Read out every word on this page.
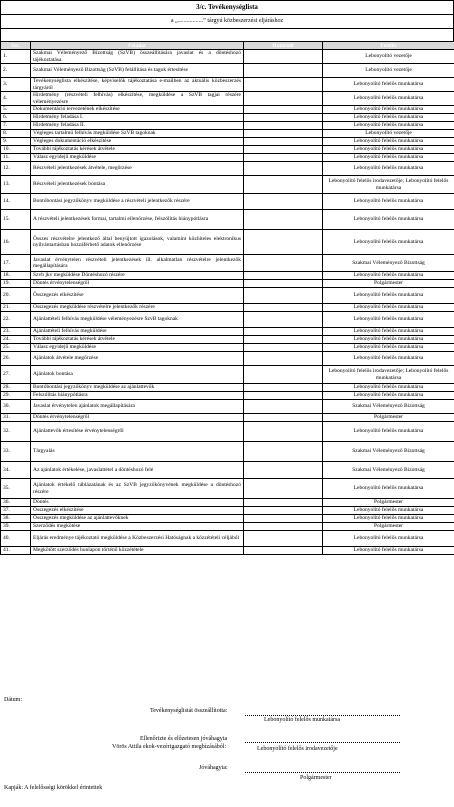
3/c. Tevékenységlista
a „.................” tárgyú közbeszerzési eljáráshoz
Ssz.	Feladat	Határidő	Felelős
1.	Szakmai Véleményező Bizottság (SzVB) összeállítására javaslat és a döntéshozó tájékoztatása		Lebonyolító vezetője
2.	Szakmai Véleményező Bizottság (SzVB) felállítása és tagok értesítése		Lebonyolító vezetője
3.	Tevékenységlista elkészítése, képviselők tájékoztatása e-mailben az aktuális közbeszerzés tárgyáról		Lebonyolító felelős munkatársa
4.	Hirdetmény (részvételi felhívás) elkészítése, megküldése a SzVB tagjai részére véleményezésre		Lebonyolító felelős munkatársa
5.	Dokumentáció tervezetének elkészítése		Lebonyolító felelős munkatársa
6.	Hirdetmény feladása I.		Lebonyolító felelős munkatársa
7.	Hirdetmény feladása II.		Lebonyolító felelős munkatársa
8.	Végleges tartalmú felhívás megküldése SzVB tagoknak		Lebonyolító vezetője
9.	Végleges dokumentáció elkészítése		Lebonyolító felelős munkatársa
10.	További tájékoztatás kérések átvétele		Lebonyolító felelős munkatársa
11.	Válasz egyidejű megküldése		Lebonyolító felelős munkatársa
12.	Részvételi jelentkezések átvétele, megőrzése		Lebonyolító felelős munkatársa
13.	Részvételi jelentkezések bontása		Lebonyolító felelős irodavezetője; Lebonyolító felelős munkatársa
14.	Bontóbontási jegyzőkönyv megküldése a részvételi jelentkezők részére		Lebonyolító felelős munkatársa
15.	A részvételi jelentkezések formai, tartalmi ellenőrzése, felszólítás hiánypótlásra		Lebonyolító felelős munkatársa
16.	Összes részvételre jelentkező által benyújtott igazolások, valamint közhiteles elektronikus nyilvántartásban hozzáférhető adatok ellenőrzése		Lebonyolító felelős munkatársa
17.	Javaslat érvénytelen részvételi jelentkezések ill. alkalmatlan részvételre jelentkezők megállapítására		Szakmai Véleményező Bizottság
18.	Szvb jkv megküldése Döntéshozó részére		Lebonyolító felelős munkatársa
19.	Döntés érvénytelenségről		Polgármester
20.	Összegezés elkészítése		Lebonyolító felelős munkatársa
21.	Összegezés megküldése részvételre jelentkezők részére		Lebonyolító felelős munkatársa
22.	Ajánlattételi felhívás megküldése véleményezésre SzvB tagoknak		Lebonyolító felelős munkatársa
23.	Ajánlattételi felhívás megküldése		Lebonyolító felelős munkatársa
24.	További tájékoztatás kérések átvétele		Lebonyolító felelős munkatársa
25.	Válasz egyidejű megküldése		Lebonyolító felelős munkatársa
26.	Ajánlatok átvétele megőrzése		Lebonyolító felelős munkatársa
27.	Ajánlatok bontása		Lebonyolító felelős irodavezetője; Lebonyolító felelős munkatársa
28.	Bontóbontási jegyzőkönyv megküldése az ajánlattevők		Lebonyolító felelős munkatársa
29.	Felszólítás hiánypótlásra		Lebonyolító felelős munkatársa
30.	Javaslat érvénytelen ajánlatok megállapítására		Szakmai Véleményező Bizottság
31.	Döntés érvénytelenségről		Polgármester
32.	Ajánlattevők értesítése érvénytelenségről		Lebonyolító felelős munkatársa
33.	Tárgyalás		Szakmai Véleményező Bizottság
34.	Az ajánlatok értékelése, javaslattétel a döntéshozó felé		Szakmai Véleményező Bizottság
35.	Ajánlatok értékelő táblázatának és az SzVB jegyzőkönyvének megküldése a döntéshozó részére		Lebonyolító felelős munkatársa
36.	Döntés		Polgármester
37.	Összegezés elkészítése		Lebonyolító felelős munkatársa
38.	Összegezés megküldése az ajánlattevőknek		Lebonyolító felelős munkatársa
39.	Szerződés megkötése		Polgármester
40.	Eljárás eredménye tájékoztató megküldése a Közbeszerzési Hatóságnak a közzétételi céljából		Lebonyolító felelős munkatársa
41.	Megkötött szerződés honlapon történő közzététele		Lebonyolító felelős munkatársa
Dátum:
Tevékenységlistát összeállította:
Lebonyolító felelős munkatársa
Ellenőrizte és előzetesen jóváhagyta
Vörös Attila ekok-vezérigazgató megbízásából:	Lebonyolító felelős irodavezetője
Jóváhagyta:
Polgármester
Kapják: A felelősségi körökkel érintettek
